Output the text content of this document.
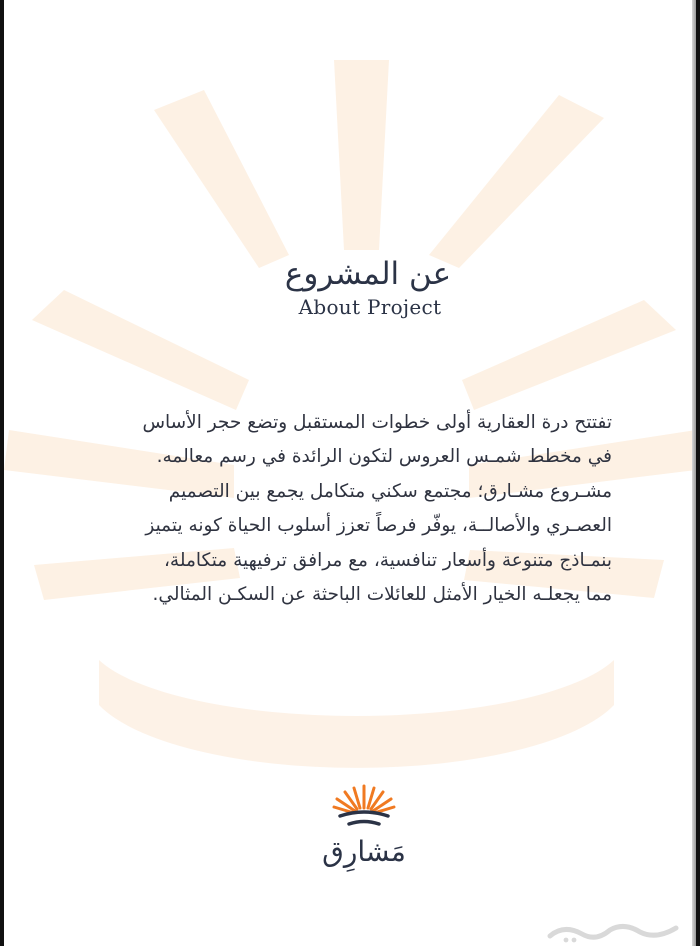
عن المشروع
About Project
تفتتح درة العقارية أولى خطوات المستقبل وتضع حجر الأساس
في مخطط شمـس العروس لتكون الرائدة في رسم معالمه.
مشـروع مشـارق؛ مجتمع سكني متكامل يجمع بين التصميم
العصـري والأصالــة، يوفّر فرصاً تعزز أسلوب الحياة كونه يتميز
بنمـاذج متنوعة وأسعار تنافسية، مع مرافق ترفيهية متكاملة،
مما يجعلـه الخيار الأمثل للعائلات الباحثة عن السكـن المثالي.
مَشارِق
